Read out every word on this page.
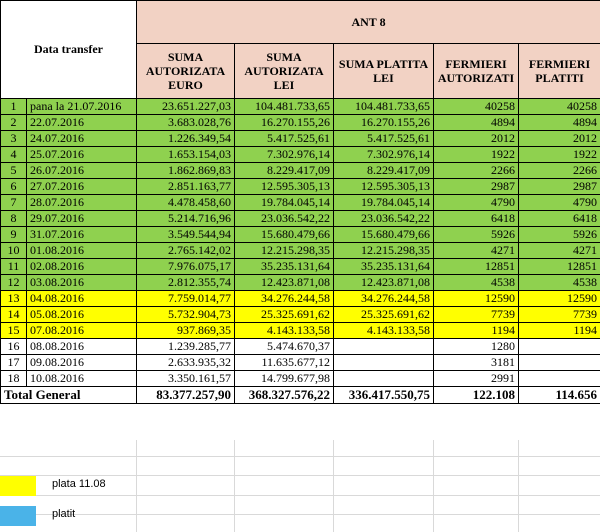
Data transfer		ANT 8				
		SUMA AUTORIZATA EURO	SUMA AUTORIZATA LEI	SUMA PLATITA LEI	FERMIERI AUTORIZATI	FERMIERI PLATITI
1	pana la 21.07.2016	23.651.227,03	104.481.733,65	104.481.733,65	40258	40258
2	22.07.2016	3.683.028,76	16.270.155,26	16.270.155,26	4894	4894
3	24.07.2016	1.226.349,54	5.417.525,61	5.417.525,61	2012	2012
4	25.07.2016	1.653.154,03	7.302.976,14	7.302.976,14	1922	1922
5	26.07.2016	1.862.869,83	8.229.417,09	8.229.417,09	2266	2266
6	27.07.2016	2.851.163,77	12.595.305,13	12.595.305,13	2987	2987
7	28.07.2016	4.478.458,60	19.784.045,14	19.784.045,14	4790	4790
8	29.07.2016	5.214.716,96	23.036.542,22	23.036.542,22	6418	6418
9	31.07.2016	3.549.544,94	15.680.479,66	15.680.479,66	5926	5926
10	01.08.2016	2.765.142,02	12.215.298,35	12.215.298,35	4271	4271
11	02.08.2016	7.976.075,17	35.235.131,64	35.235.131,64	12851	12851
12	03.08.2016	2.812.355,74	12.423.871,08	12.423.871,08	4538	4538
13	04.08.2016	7.759.014,77	34.276.244,58	34.276.244,58	12590	12590
14	05.08.2016	5.732.904,73	25.325.691,62	25.325.691,62	7739	7739
15	07.08.2016	937.869,35	4.143.133,58	4.143.133,58	1194	1194
16	08.08.2016	1.239.285,77	5.474.670,37		1280	
17	09.08.2016	2.633.935,32	11.635.677,12		3181	
18	10.08.2016	3.350.161,57	14.799.677,98		2991	
Total General		83.377.257,90	368.327.576,22	336.417.550,75	122.108	114.656
plata 11.08
platit
